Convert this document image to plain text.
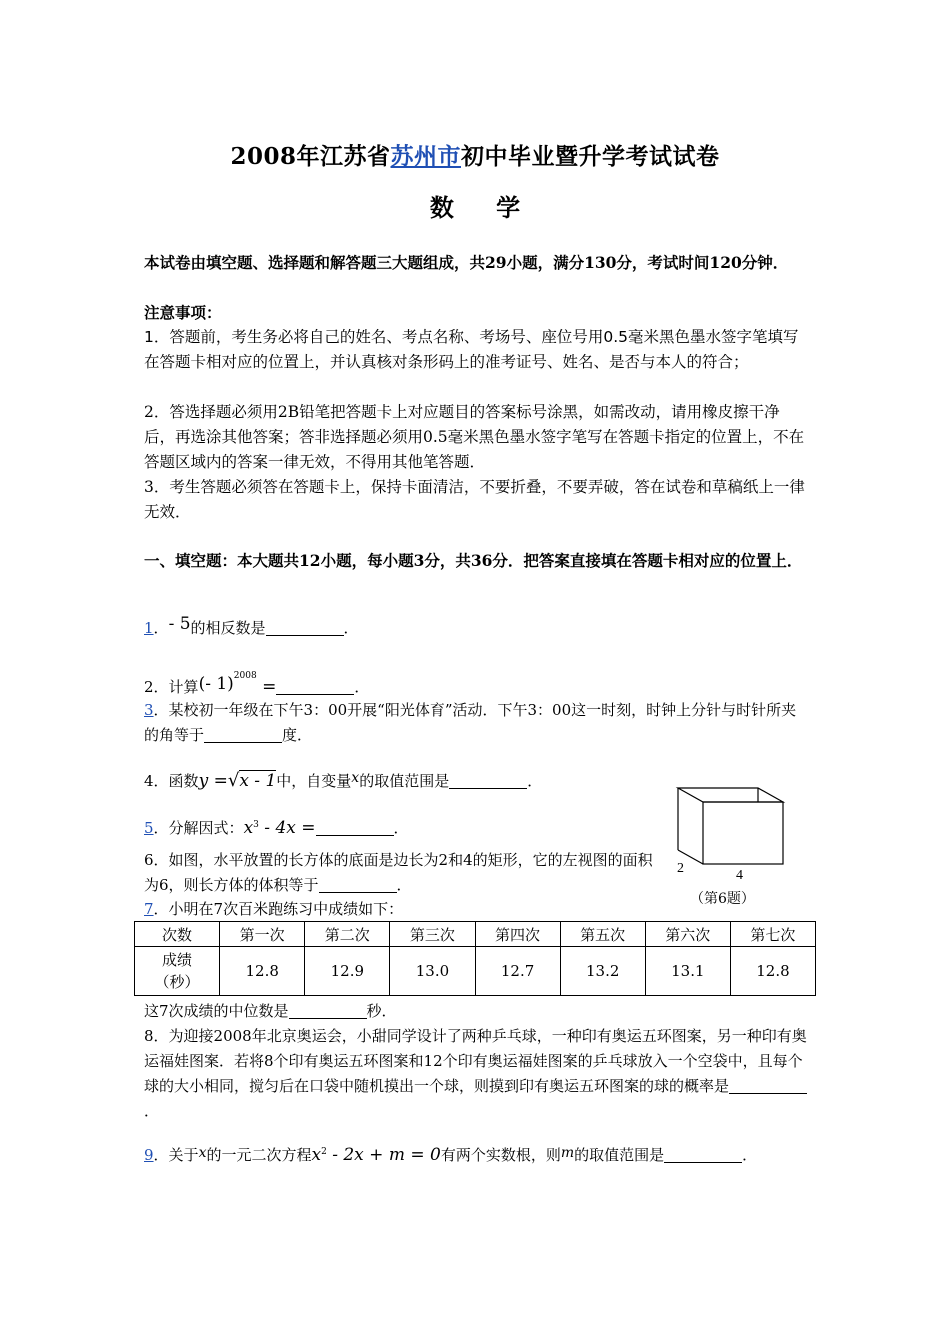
2008年江苏省苏州市初中毕业暨升学考试试卷
数 学
本试卷由填空题、选择题和解答题三大题组成，共29小题，满分130分，考试时间120分钟．
注意事项：
1．答题前，考生务必将自己的姓名、考点名称、考场号、座位号用0.5毫米黑色墨水签字笔填写在答题卡相对应的位置上，并认真核对条形码上的准考证号、姓名、是否与本人的符合；
2．答选择题必须用2B铅笔把答题卡上对应题目的答案标号涂黑，如需改动，请用橡皮擦干净后，再选涂其他答案；答非选择题必须用0.5毫米黑色墨水签字笔写在答题卡指定的位置上，不在答题区域内的答案一律无效，不得用其他笔答题．
3．考生答题必须答在答题卡上，保持卡面清洁，不要折叠，不要弄破，答在试卷和草稿纸上一律无效．
一、填空题：本大题共12小题，每小题3分，共36分．把答案直接填在答题卡相对应的位置上．
1．- 5的相反数是	．
2．计算(- 1)$^{2008}$ =	．
3．某校初一年级在下午3：00开展“阳光体育”活动．下午3：00这一时刻，时钟上分针与时针所夹的角等于	度．
4．函数y =√x - 1中，自变量x的取值范围是	．
5．分解因式：$x^3 - 4x$ =	．
6．如图，水平放置的长方体的底面是边长为2和4的矩形，它的左视图的面积为6，则长方体的体积等于	．
2	4
（第6题）
7．小明在7次百米跑练习中成绩如下：
次数	第一次	第二次	第三次	第四次	第五次	第六次	第七次
成绩
（秒）	12.8	12.9	13.0	12.7	13.2	13.1	12.8
这7次成绩的中位数是	秒．
8．为迎接2008年北京奥运会，小甜同学设计了两种乒乓球，一种印有奥运五环图案，另一种印有奥运福娃图案．若将8个印有奥运五环图案和12个印有奥运福娃图案的乒乓球放入一个空袋中，且每个球的大小相同，搅匀后在口袋中随机摸出一个球，则摸到印有奥运五环图案的球的概率是．
9．关于x的一元二次方程$x^2 - 2x + m = 0$有两个实数根，则m的取值范围是	．
